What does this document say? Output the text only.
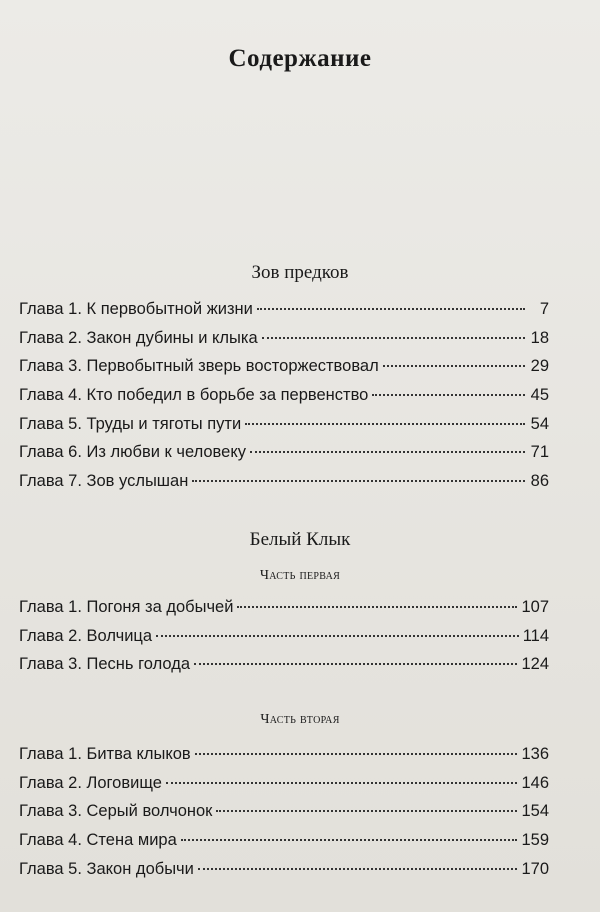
Содержание
Зов предков
Глава 1. К первобытной жизни	7
Глава 2. Закон дубины и клыка	18
Глава 3. Первобытный зверь восторжествовал	29
Глава 4. Кто победил в борьбе за первенство	45
Глава 5. Труды и тяготы пути	54
Глава 6. Из любви к человеку	71
Глава 7. Зов услышан	86
Белый Клык
Часть первая
Глава 1. Погоня за добычей	107
Глава 2. Волчица	114
Глава 3. Песнь голода	124
Часть вторая
Глава 1. Битва клыков	136
Глава 2. Логовище	146
Глава 3. Серый волчонок	154
Глава 4. Стена мира	159
Глава 5. Закон добычи	170
